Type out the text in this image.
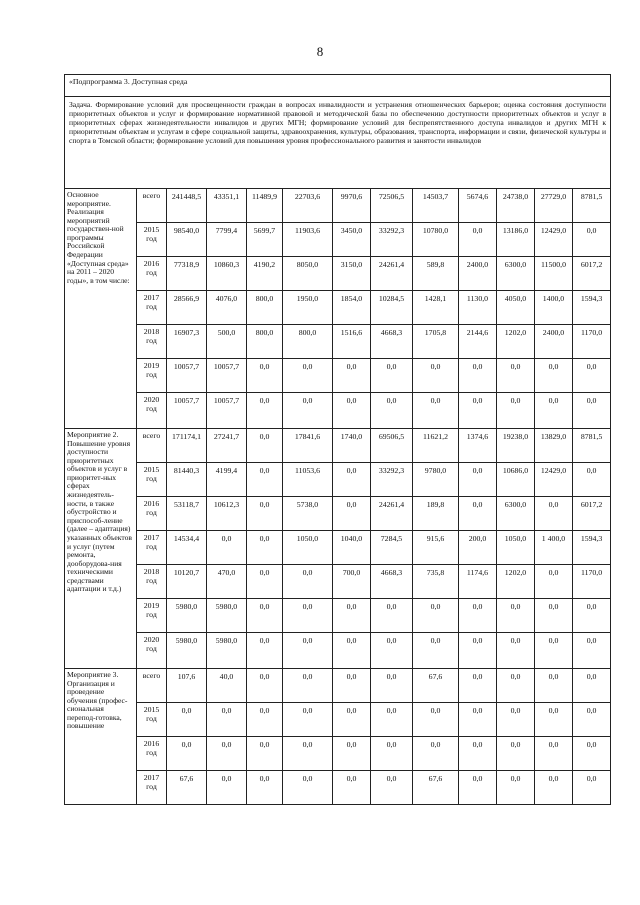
8
«Подпрограмма 3. Доступная среда												
Задача. Формирование условий для просвещенности граждан в вопросах инвалидности и устранения отношенческих барьеров; оценка состояния доступности приоритетных объектов и услуг и формирование нормативной правовой и методической базы по обеспечению доступности приоритетных объектов и услуг в приоритетных сферах жизнедеятельности инвалидов и других МГН; формирование условий для беспрепятственного доступа инвалидов и других МГН к приоритетным объектам и услугам в сфере социальной защиты, здравоохранения, культуры, образования, транспорта, информации и связи, физической культуры и спорта в Томской области; формирование условий для повышения уровня профессионального развития и занятости инвалидов												
Основное мероприятие. Реализация мероприятий государствен-ной программы Российской Федерации «Доступная среда» на 2011 – 2020 годы», в том числе:	всего	241448,5	43351,1	11489,9	22703,6	9970,6	72506,5	14503,7	5674,6	24738,0	27729,0	8781,5
	2015 год	98540,0	7799,4	5699,7	11903,6	3450,0	33292,3	10780,0	0,0	13186,0	12429,0	0,0
	2016 год	77318,9	10860,3	4190,2	8050,0	3150,0	24261,4	589,8	2400,0	6300,0	11500,0	6017,2
	2017 год	28566,9	4076,0	800,0	1950,0	1854,0	10284,5	1428,1	1130,0	4050,0	1400,0	1594,3
	2018 год	16907,3	500,0	800,0	800,0	1516,6	4668,3	1705,8	2144,6	1202,0	2400,0	1170,0
	2019 год	10057,7	10057,7	0,0	0,0	0,0	0,0	0,0	0,0	0,0	0,0	0,0
	2020 год	10057,7	10057,7	0,0	0,0	0,0	0,0	0,0	0,0	0,0	0,0	0,0
Мероприятие 2. Повышение уровня доступности приоритетных объектов и услуг в приоритет-ных сферах жизнедеятель-ности, в также обустройство и приспособ-ление (далее – адаптация) указанных объектов и услуг (путем ремонта, дооборудова-ния техническими средствами адаптации и т.д.)	всего	171174,1	27241,7	0,0	17841,6	1740,0	69506,5	11621,2	1374,6	19238,0	13829,0	8781,5
	2015 год	81440,3	4199,4	0,0	11053,6	0,0	33292,3	9780,0	0,0	10686,0	12429,0	0,0
	2016 год	53118,7	10612,3	0,0	5738,0	0,0	24261,4	189,8	0,0	6300,0	0,0	6017,2
	2017 год	14534,4	0,0	0,0	1050,0	1040,0	7284,5	915,6	200,0	1050,0	1 400,0	1594,3
	2018 год	10120,7	470,0	0,0	0,0	700,0	4668,3	735,8	1174,6	1202,0	0,0	1170,0
	2019 год	5980,0	5980,0	0,0	0,0	0,0	0,0	0,0	0,0	0,0	0,0	0,0
	2020 год	5980,0	5980,0	0,0	0,0	0,0	0,0	0,0	0,0	0,0	0,0	0,0
Мероприятие 3. Организация и проведение обучения (профес-сиональная перепод-готовка, повышение	всего	107,6	40,0	0,0	0,0	0,0	0,0	67,6	0,0	0,0	0,0	0,0
	2015 год	0,0	0,0	0,0	0,0	0,0	0,0	0,0	0,0	0,0	0,0	0,0
	2016 год	0,0	0,0	0,0	0,0	0,0	0,0	0,0	0,0	0,0	0,0	0,0
	2017 год	67,6	0,0	0,0	0,0	0,0	0,0	67,6	0,0	0,0	0,0	0,0
